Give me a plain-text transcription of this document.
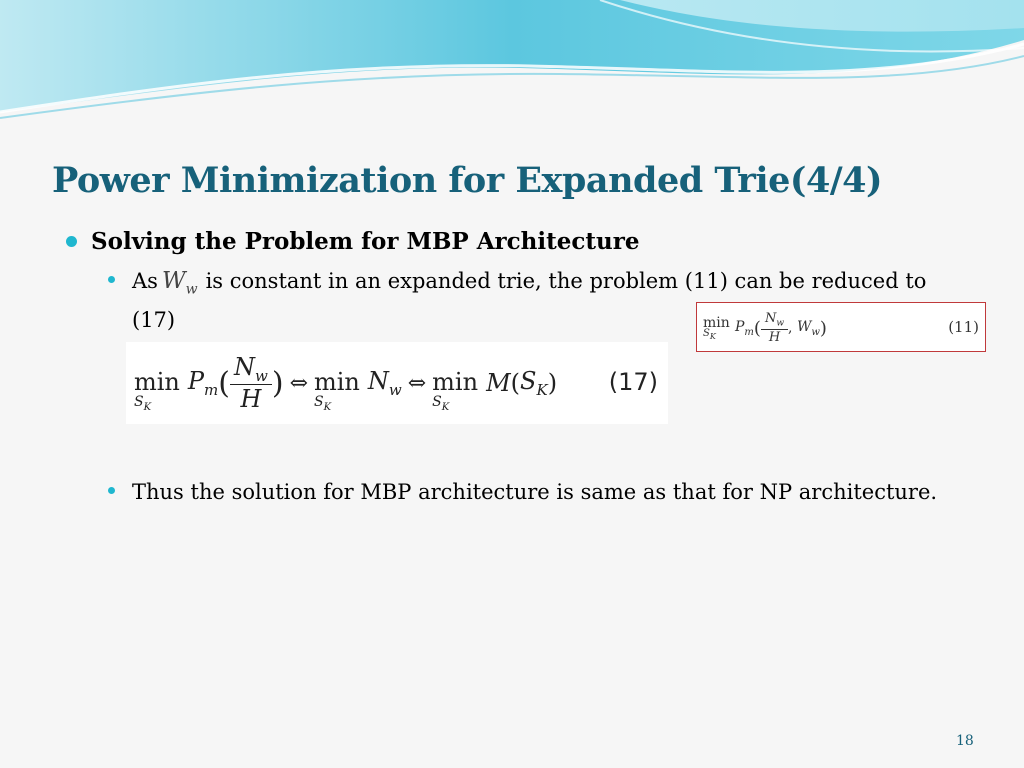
Power Minimization for Expanded Trie(4/4)
Solving the Problem for MBP Architecture
As $W_w$ is constant in an expanded trie, the problem (11) can be reduced to (17)	min
$S_K$
$P_m$ ( $\frac{N_w}{H}$ , $W_w$ )	(11)
min
$S_K$
$P_m$ ( $\frac{N_w}{H}$ ) ⇔ min
$S_K$
$N_w$ ⇔ min
$S_K$
M ( $S_K$ ) (17)
Thus the solution for MBP architecture is same as that for NP architecture.
18
